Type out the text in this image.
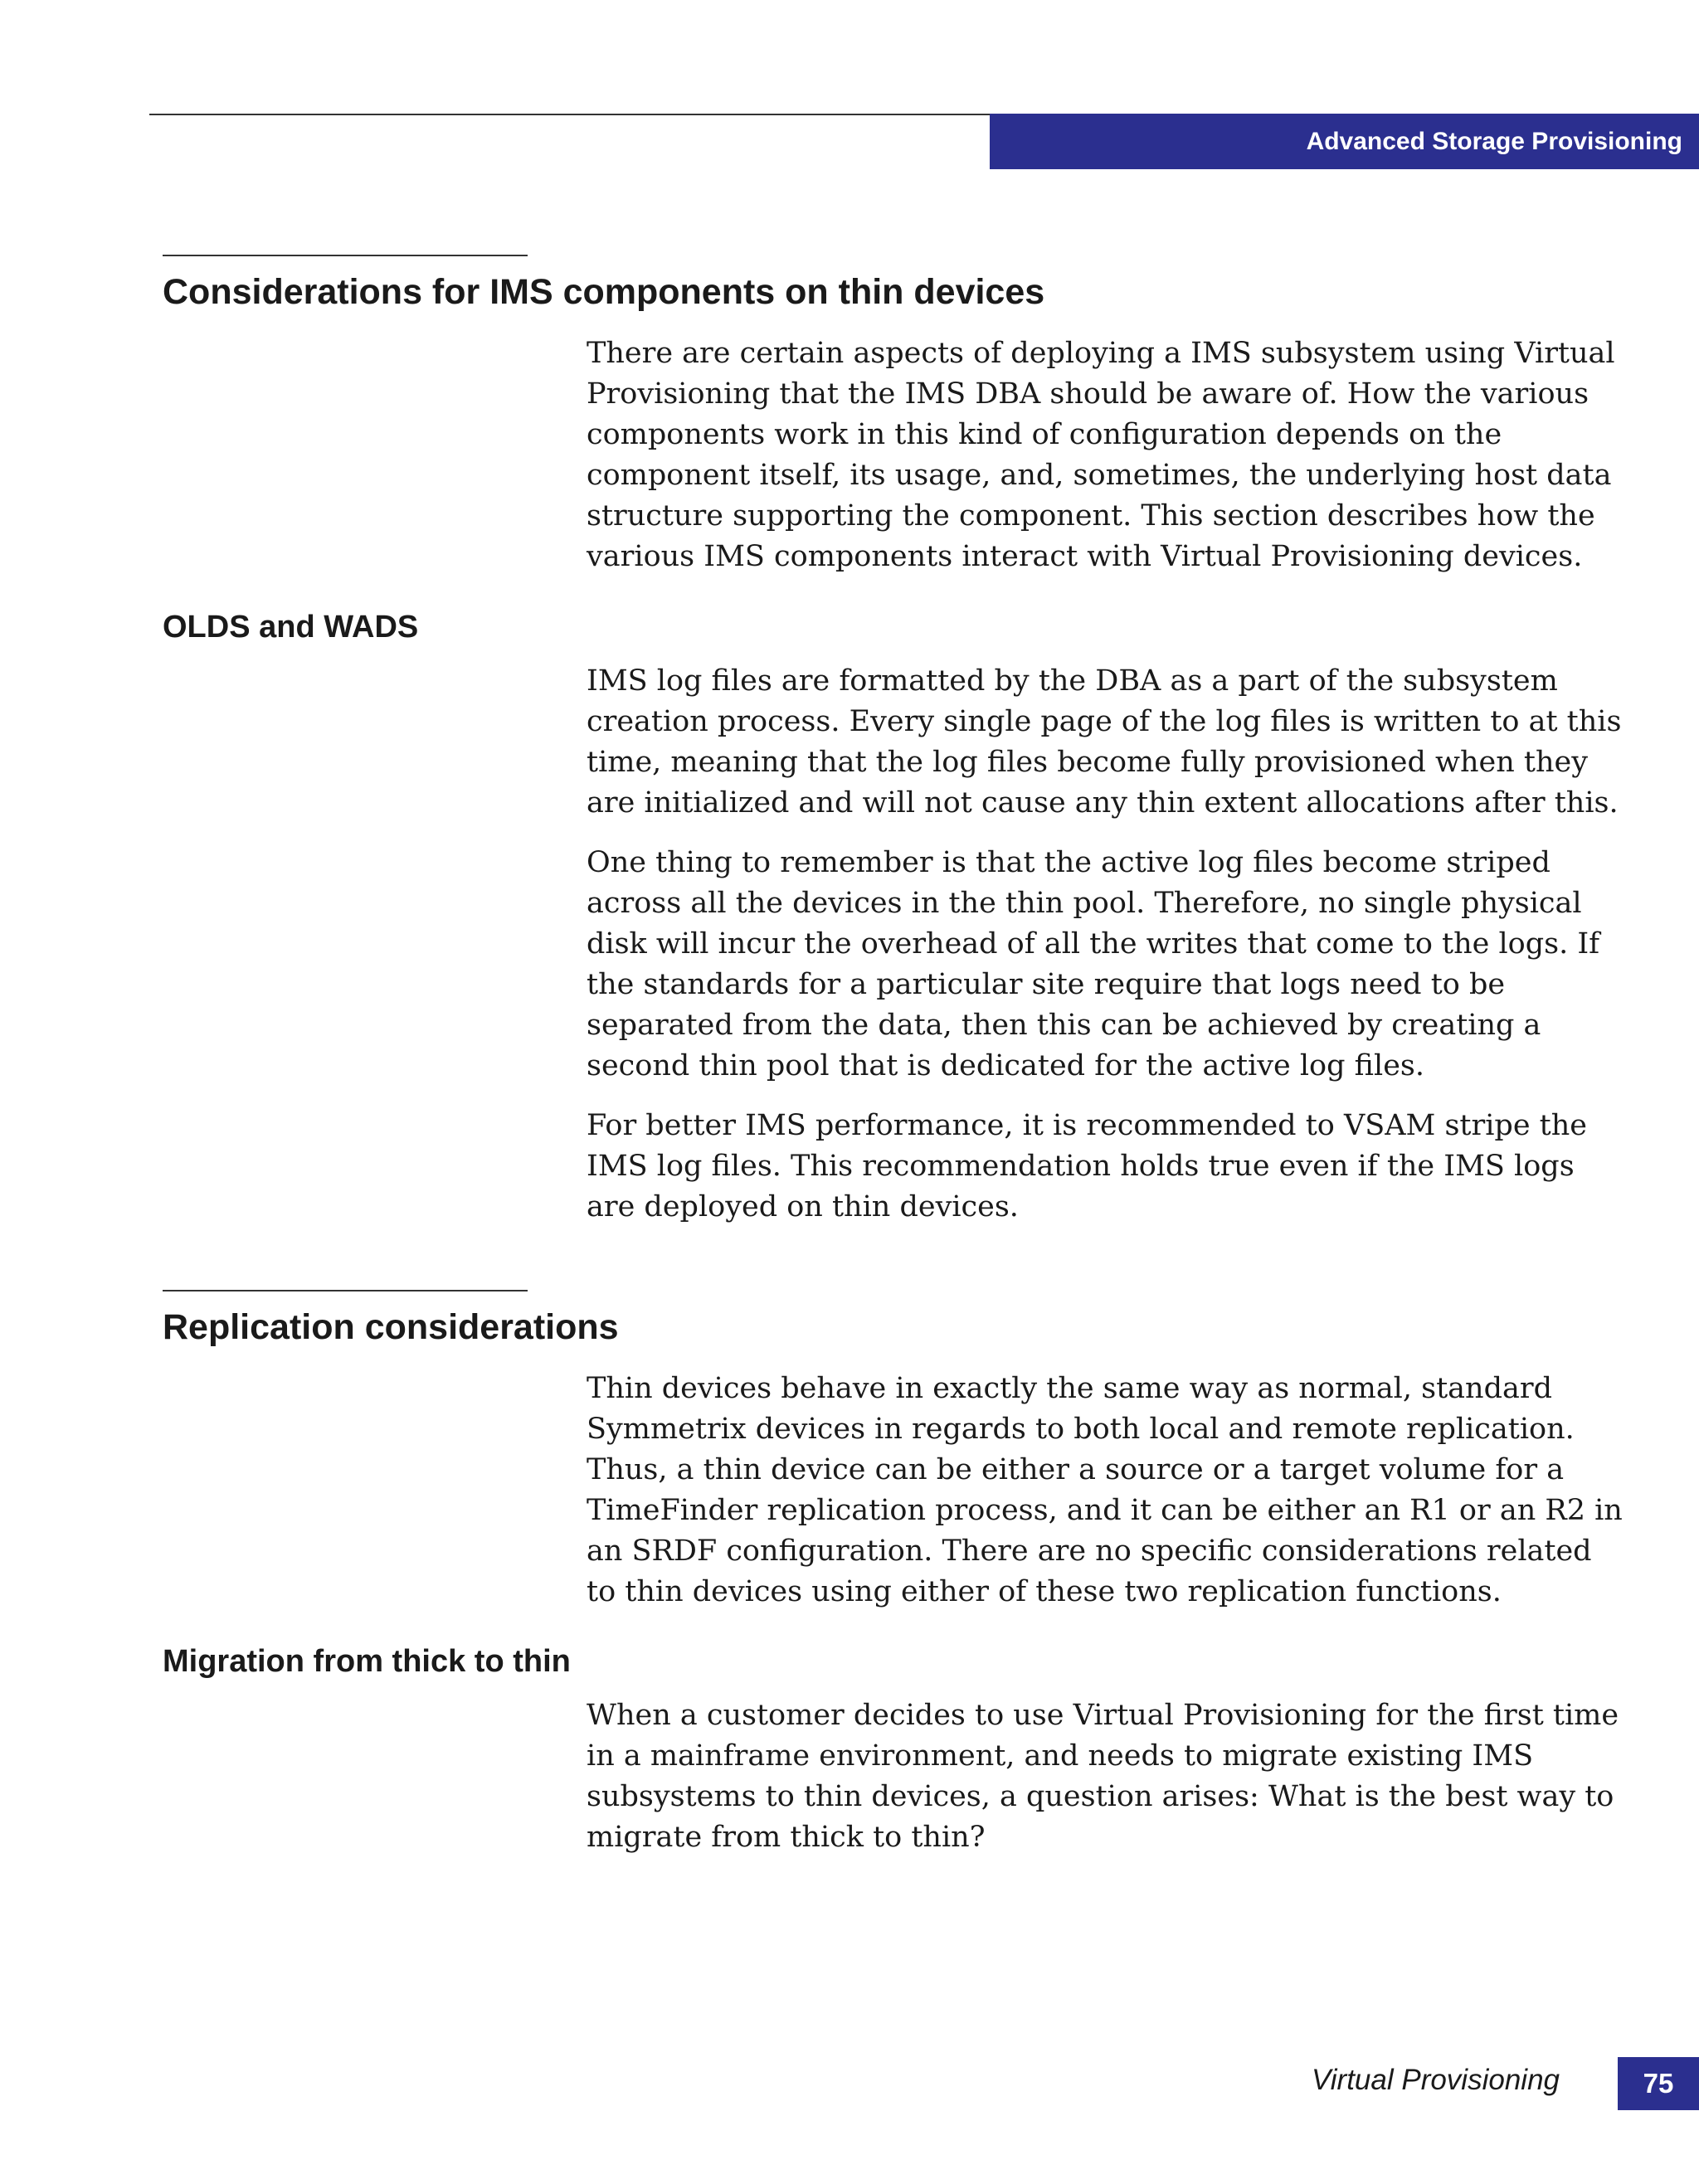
Advanced Storage Provisioning
Considerations for IMS components on thin devices

There are certain aspects of deploying a IMS subsystem using Virtual Provisioning that the IMS DBA should be aware of. How the various components work in this kind of configuration depends on the component itself, its usage, and, sometimes, the underlying host data structure supporting the component. This section describes how the various IMS components interact with Virtual Provisioning devices.

OLDS and WADS

IMS log files are formatted by the DBA as a part of the subsystem creation process. Every single page of the log files is written to at this time, meaning that the log files become fully provisioned when they are initialized and will not cause any thin extent allocations after this.

One thing to remember is that the active log files become striped across all the devices in the thin pool. Therefore, no single physical disk will incur the overhead of all the writes that come to the logs. If the standards for a particular site require that logs need to be separated from the data, then this can be achieved by creating a second thin pool that is dedicated for the active log files.

For better IMS performance, it is recommended to VSAM stripe the IMS log files. This recommendation holds true even if the IMS logs are deployed on thin devices.

Replication considerations

Thin devices behave in exactly the same way as normal, standard Symmetrix devices in regards to both local and remote replication. Thus, a thin device can be either a source or a target volume for a TimeFinder replication process, and it can be either an R1 or an R2 in an SRDF configuration. There are no specific considerations related to thin devices using either of these two replication functions.

Migration from thick to thin

When a customer decides to use Virtual Provisioning for the first time in a mainframe environment, and needs to migrate existing IMS subsystems to thin devices, a question arises: What is the best way to migrate from thick to thin?

Virtual Provisioning	75
